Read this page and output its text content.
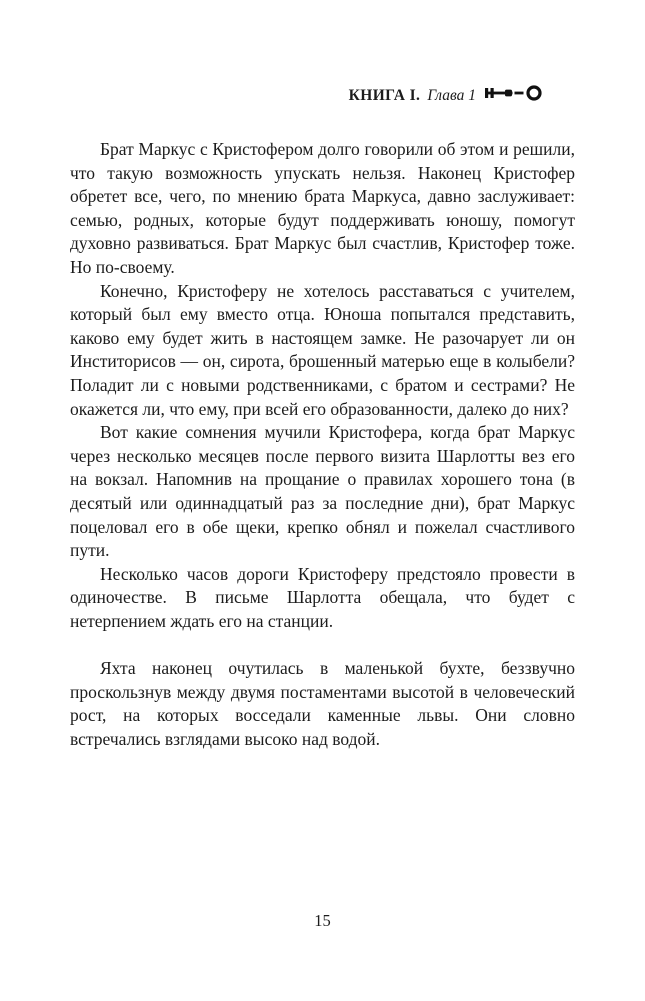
КНИГА I. Глава 1

Брат Маркус с Кристофером долго говорили об этом и решили, что такую возможность упускать нельзя. Наконец Кристофер обретет все, чего, по мнению брата Маркуса, давно заслуживает: семью, родных, которые будут поддерживать юношу, помогут духовно развиваться. Брат Маркус был счастлив, Кристофер тоже. Но по-своему.

Конечно, Кристоферу не хотелось расставаться с учителем, который был ему вместо отца. Юноша попытался представить, каково ему будет жить в настоящем замке. Не разочарует ли он Инститорисов — он, сирота, брошенный матерью еще в колыбели? Поладит ли с новыми родственниками, с братом и сестрами? Не окажется ли, что ему, при всей его образованности, далеко до них?

Вот какие сомнения мучили Кристофера, когда брат Маркус через несколько месяцев после первого визита Шарлотты вез его на вокзал. Напомнив на прощание о правилах хорошего тона (в десятый или одиннадцатый раз за последние дни), брат Маркус поцеловал его в обе щеки, крепко обнял и пожелал счастливого пути.

Несколько часов дороги Кристоферу предстояло провести в одиночестве. В письме Шарлотта обещала, что будет с нетерпением ждать его на станции.

Яхта наконец очутилась в маленькой бухте, беззвучно проскользнув между двумя постаментами высотой в человеческий рост, на которых восседали каменные львы. Они словно встречались взглядами высоко над водой.

15
